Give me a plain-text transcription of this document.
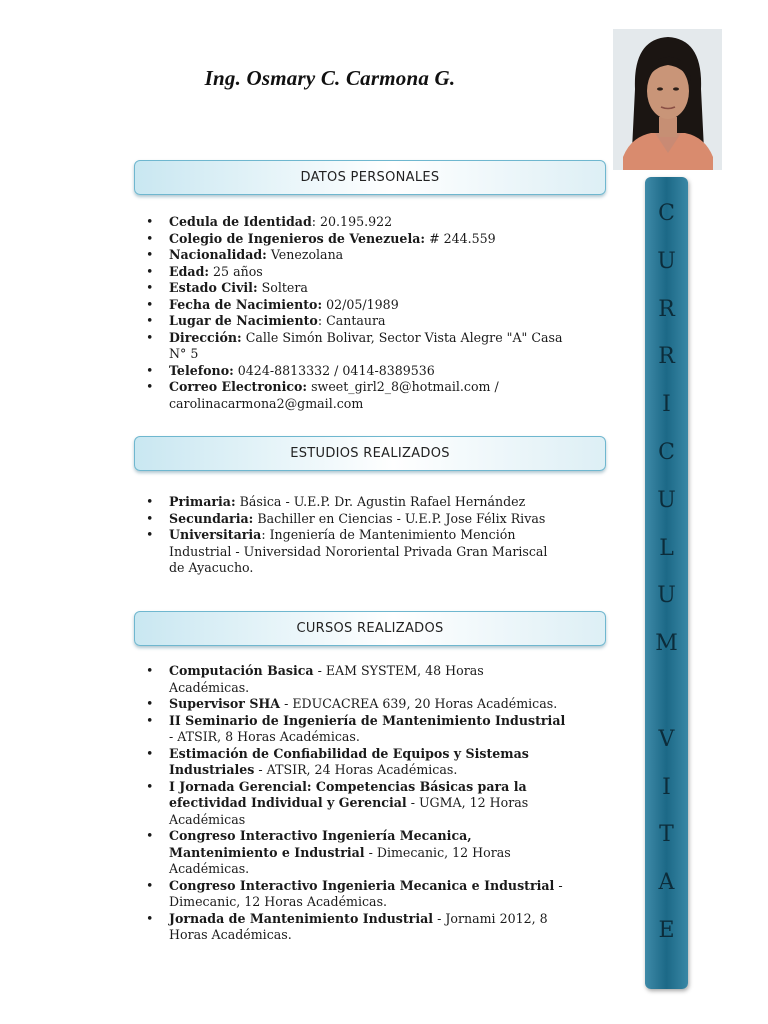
Ing. Osmary C. Carmona G.
DATOS PERSONALES
• Cedula de Identidad: 20.195.922
• Colegio de Ingenieros de Venezuela: # 244.559
• Nacionalidad: Venezolana
• Edad: 25 años
• Estado Civil: Soltera
• Fecha de Nacimiento: 02/05/1989
• Lugar de Nacimiento: Cantaura
• Dirección: Calle Simón Bolivar, Sector Vista Alegre "A" Casa N° 5
• Telefono: 0424-8813332 / 0414-8389536
• Correo Electronico: sweet_girl2_8@hotmail.com / carolinacarmona2@gmail.com
ESTUDIOS REALIZADOS
• Primaria: Básica - U.E.P. Dr. Agustin Rafael Hernández
• Secundaria: Bachiller en Ciencias - U.E.P. Jose Félix Rivas
• Universitaria: Ingeniería de Mantenimiento Mención Industrial - Universidad Nororiental Privada Gran Mariscal de Ayacucho.
CURSOS REALIZADOS
• Computación Basica - EAM SYSTEM, 48 Horas Académicas.
• Supervisor SHA - EDUCACREA 639, 20 Horas Académicas.
• II Seminario de Ingeniería de Mantenimiento Industrial - ATSIR, 8 Horas Académicas.
• Estimación de Confiabilidad de Equipos y Sistemas Industriales - ATSIR, 24 Horas Académicas.
• I Jornada Gerencial: Competencias Básicas para la efectividad Individual y Gerencial - UGMA, 12 Horas Académicas
• Congreso Interactivo Ingeniería Mecanica, Mantenimiento e Industrial - Dimecanic, 12 Horas Académicas.
• Congreso Interactivo Ingenieria Mecanica e Industrial - Dimecanic, 12 Horas Académicas.
• Jornada de Mantenimiento Industrial - Jornami 2012, 8 Horas Académicas.
C
U
R
R
I
C
U
L
U
M
V
I
T
A
E
